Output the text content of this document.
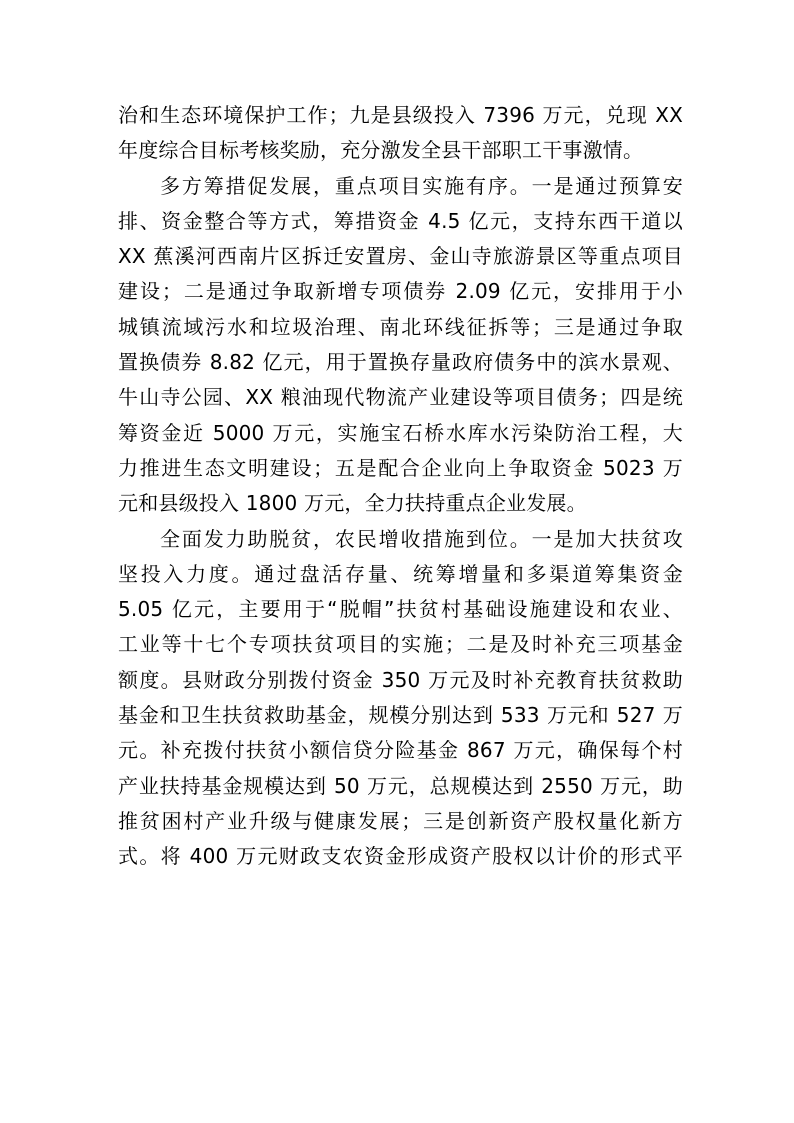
治和生态环境保护工作；九是县级投入 7396 万元，兑现 XX
年度综合目标考核奖励，充分激发全县干部职工干事激情。
多方筹措促发展，重点项目实施有序。一是通过预算安
排、资金整合等方式，筹措资金 4.5 亿元，支持东西干道以
XX 蕉溪河西南片区拆迁安置房、金山寺旅游景区等重点项目
建设；二是通过争取新增专项债券 2.09 亿元，安排用于小
城镇流域污水和垃圾治理、南北环线征拆等；三是通过争取
置换债券 8.82 亿元，用于置换存量政府债务中的滨水景观、
牛山寺公园、XX 粮油现代物流产业建设等项目债务；四是统
筹资金近 5000 万元，实施宝石桥水库水污染防治工程，大
力推进生态文明建设；五是配合企业向上争取资金 5023 万
元和县级投入 1800 万元，全力扶持重点企业发展。
全面发力助脱贫，农民增收措施到位。一是加大扶贫攻
坚投入力度。通过盘活存量、统筹增量和多渠道筹集资金
5.05 亿元，主要用于“脱帽”扶贫村基础设施建设和农业、
工业等十七个专项扶贫项目的实施；二是及时补充三项基金
额度。县财政分别拨付资金 350 万元及时补充教育扶贫救助
基金和卫生扶贫救助基金，规模分别达到 533 万元和 527 万
元。补充拨付扶贫小额信贷分险基金 867 万元，确保每个村
产业扶持基金规模达到 50 万元，总规模达到 2550 万元，助
推贫困村产业升级与健康发展；三是创新资产股权量化新方
式。将 400 万元财政支农资金形成资产股权以计价的形式平
